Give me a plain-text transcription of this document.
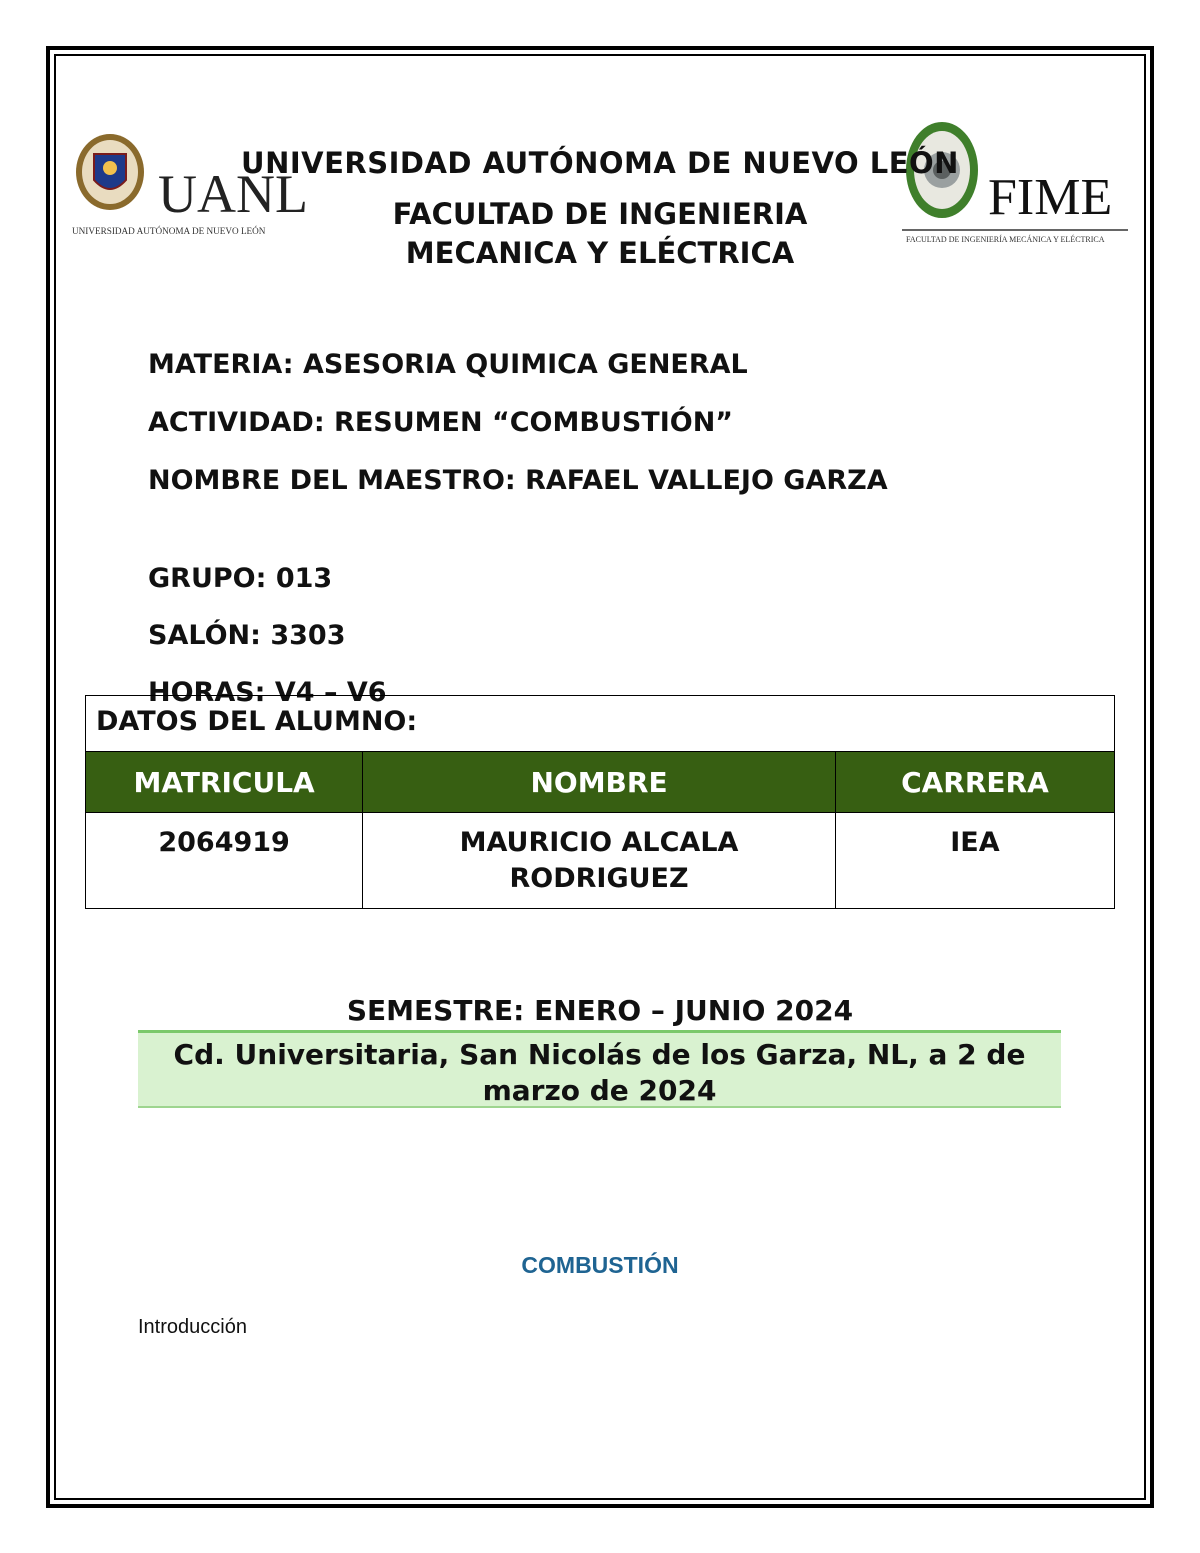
UANL
UNIVERSIDAD AUTÓNOMA DE NUEVO LEÓN
FIME
FACULTAD DE INGENIERÍA MECÁNICA Y ELÉCTRICA
UNIVERSIDAD AUTÓNOMA DE NUEVO LEÓN
FACULTAD DE INGENIERIA
MECANICA Y ELÉCTRICA
MATERIA: ASESORIA QUIMICA GENERAL
ACTIVIDAD: RESUMEN “COMBUSTIÓN”
NOMBRE DEL MAESTRO: RAFAEL VALLEJO GARZA
GRUPO: 013
SALÓN: 3303
HORAS: V4 – V6
DATOS DEL ALUMNO:		
MATRICULA	NOMBRE	CARRERA
2064919	MAURICIO ALCALA RODRIGUEZ	IEA
SEMESTRE: ENERO – JUNIO 2024
Cd. Universitaria, San Nicolás de los Garza, NL, a 2 de marzo de 2024
COMBUSTIÓN
Introducción
